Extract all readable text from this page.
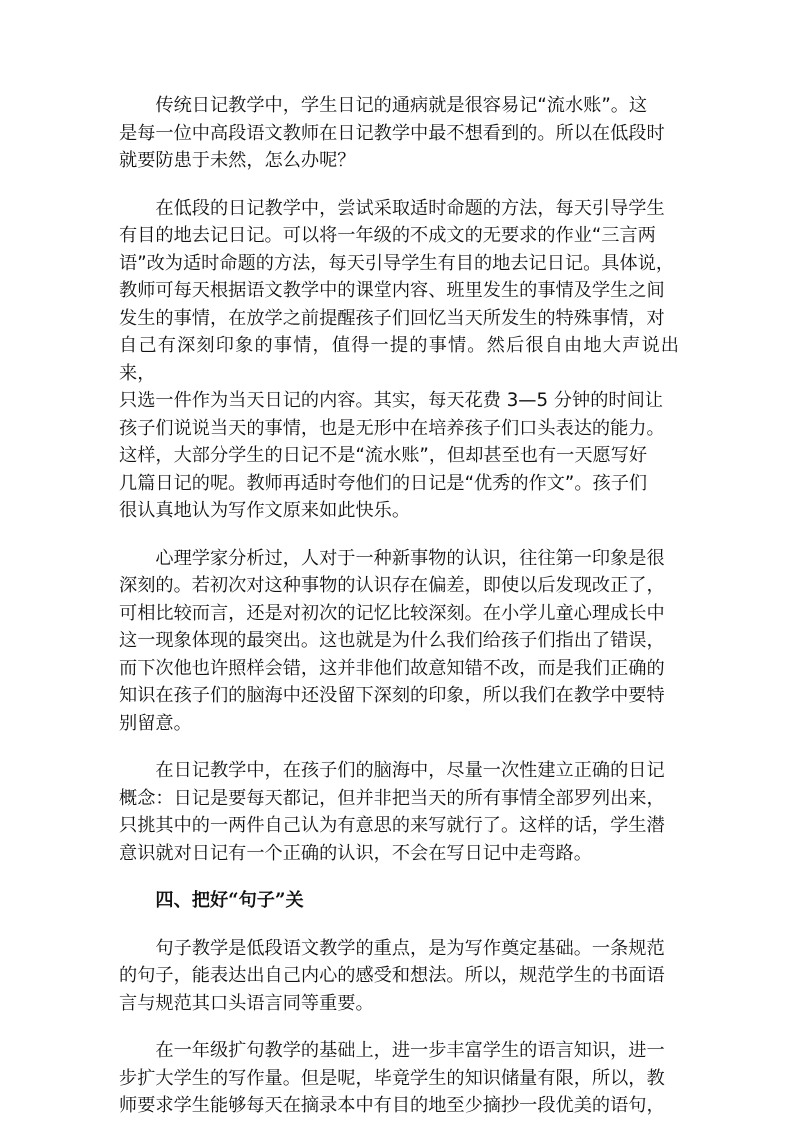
传统日记教学中，学生日记的通病就是很容易记“流水账”。这
是每一位中高段语文教师在日记教学中最不想看到的。所以在低段时
就要防患于未然，怎么办呢？

在低段的日记教学中，尝试采取适时命题的方法，每天引导学生
有目的地去记日记。可以将一年级的不成文的无要求的作业“三言两
语”改为适时命题的方法，每天引导学生有目的地去记日记。具体说，
教师可每天根据语文教学中的课堂内容、班里发生的事情及学生之间
发生的事情，在放学之前提醒孩子们回忆当天所发生的特殊事情，对
自己有深刻印象的事情，值得一提的事情。然后很自由地大声说出来，
只选一件作为当天日记的内容。其实，每天花费 3—5 分钟的时间让
孩子们说说当天的事情，也是无形中在培养孩子们口头表达的能力。
这样，大部分学生的日记不是“流水账”，但却甚至也有一天愿写好
几篇日记的呢。教师再适时夸他们的日记是“优秀的作文”。孩子们
很认真地认为写作文原来如此快乐。

心理学家分析过，人对于一种新事物的认识，往往第一印象是很
深刻的。若初次对这种事物的认识存在偏差，即使以后发现改正了，
可相比较而言，还是对初次的记忆比较深刻。在小学儿童心理成长中
这一现象体现的最突出。这也就是为什么我们给孩子们指出了错误，
而下次他也许照样会错，这并非他们故意知错不改，而是我们正确的
知识在孩子们的脑海中还没留下深刻的印象，所以我们在教学中要特
别留意。

在日记教学中，在孩子们的脑海中，尽量一次性建立正确的日记
概念：日记是要每天都记，但并非把当天的所有事情全部罗列出来，
只挑其中的一两件自己认为有意思的来写就行了。这样的话，学生潜
意识就对日记有一个正确的认识，不会在写日记中走弯路。

四、把好“句子”关

句子教学是低段语文教学的重点，是为写作奠定基础。一条规范
的句子，能表达出自己内心的感受和想法。所以，规范学生的书面语
言与规范其口头语言同等重要。

在一年级扩句教学的基础上，进一步丰富学生的语言知识，进一
步扩大学生的写作量。但是呢，毕竟学生的知识储量有限，所以，教
师要求学生能够每天在摘录本中有目的地至少摘抄一段优美的语句，
